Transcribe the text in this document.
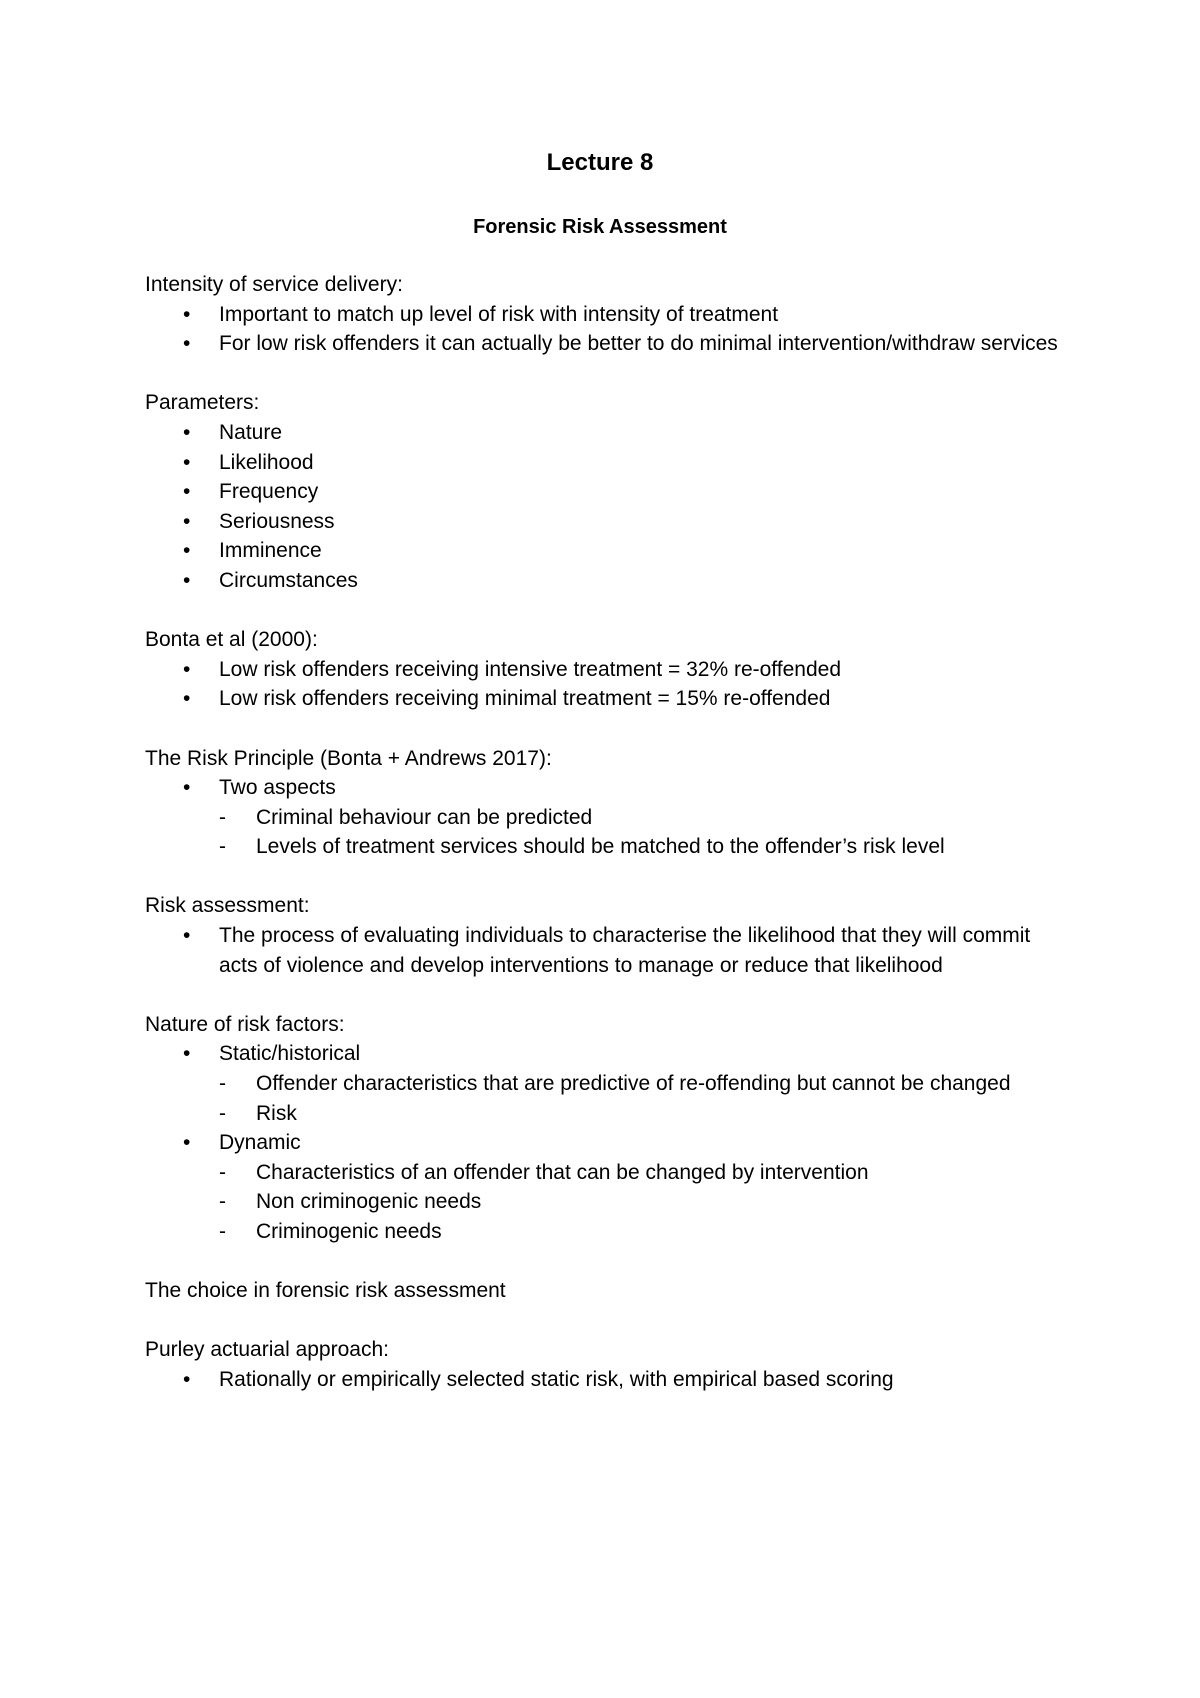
Lecture 8
Forensic Risk Assessment
Intensity of service delivery:
•	Important to match up level of risk with intensity of treatment
•	For low risk offenders it can actually be better to do minimal intervention/withdraw services
Parameters:
•	Nature
•	Likelihood
•	Frequency
•	Seriousness
•	Imminence
•	Circumstances
Bonta et al (2000):
•	Low risk offenders receiving intensive treatment = 32% re-offended
•	Low risk offenders receiving minimal treatment = 15% re-offended
The Risk Principle (Bonta + Andrews 2017):
•	Two aspects
-	Criminal behaviour can be predicted
-	Levels of treatment services should be matched to the offender’s risk level
Risk assessment:
•	The process of evaluating individuals to characterise the likelihood that they will commit acts of violence and develop interventions to manage or reduce that likelihood
Nature of risk factors:
•	Static/historical
-	Offender characteristics that are predictive of re-offending but cannot be changed
-	Risk
•	Dynamic
-	Characteristics of an offender that can be changed by intervention
-	Non criminogenic needs
-	Criminogenic needs
The choice in forensic risk assessment
Purley actuarial approach:
•	Rationally or empirically selected static risk, with empirical based scoring
